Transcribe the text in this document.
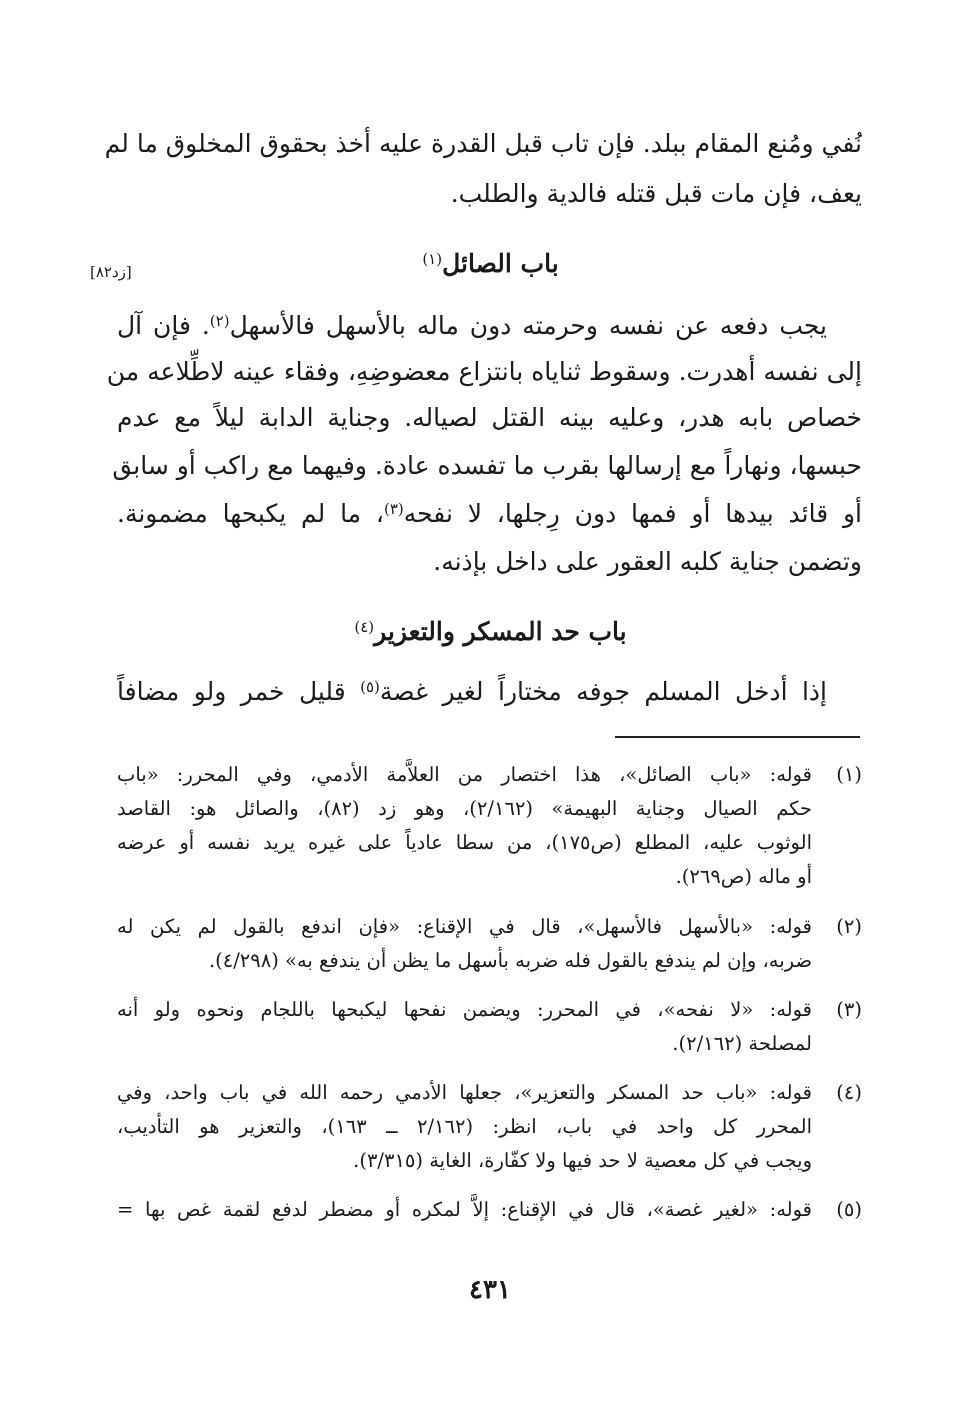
نُفي ومُنع المقام ببلد. فإن تاب قبل القدرة عليه أخذ بحقوق المخلوق ما لم
يعف، فإن مات قبل قتله فالدية والطلب.
باب الصائل$^{(١)}$
[زد٨٢]
يجب دفعه عن نفسه وحرمته دون ماله بالأسهل فالأسهل$^{(٢)}$. فإن آل
إلى نفسه أهدرت. وسقوط ثناياه بانتزاع معضوضِهِ، وفقاء عينه لاطِّلاعه من
خصاص بابه هدر، وعليه بينه القتل لصياله. وجناية الدابة ليلاً مع عدم
حبسها، ونهاراً مع إرسالها بقرب ما تفسده عادة. وفيهما مع راكب أو سابق
أو قائد بيدها أو فمها دون رِجلها، لا نفحه$^{(٣)}$، ما لم يكبحها مضمونة.
وتضمن جناية كلبه العقور على داخل بإذنه.
باب حد المسكر والتعزير$^{(٤)}$
إذا أدخل المسلم جوفه مختاراً لغير غصة$^{(٥)}$ قليل خمر ولو مضافاً
(١)
قوله: «باب الصائل»، هذا اختصار من العلاَّمة الأدمي، وفي المحرر: «باب
حكم الصيال وجناية البهيمة» (٢/١٦٢)، وهو زد (٨٢)، والصائل هو: القاصد
الوثوب عليه، المطلع (ص١٧٥)، من سطا عادياً على غيره يريد نفسه أو عرضه
أو ماله (ص٢٦٩).
(٢)
قوله: «بالأسهل فالأسهل»، قال في الإقناع: «فإن اندفع بالقول لم يكن له
ضربه، وإن لم يندفع بالقول فله ضربه بأسهل ما يظن أن يندفع به» (٤/٢٩٨).
(٣)
قوله: «لا نفحه»، في المحرر: ويضمن نفحها ليكبحها باللجام ونحوه ولو أنه
لمصلحة (٢/١٦٢).
(٤)
قوله: «باب حد المسكر والتعزير»، جعلها الأدمي رحمه الله في باب واحد، وفي
المحرر كل واحد في باب، انظر: (٢/١٦٢ ــ ١٦٣)، والتعزير هو التأديب،
ويجب في كل معصية لا حد فيها ولا كفّارة، الغاية (٣/٣١٥).
(٥)
قوله: «لغير غصة»، قال في الإقناع: إلاَّ لمكره أو مضطر لدفع لقمة غص بها =
٤٣١
